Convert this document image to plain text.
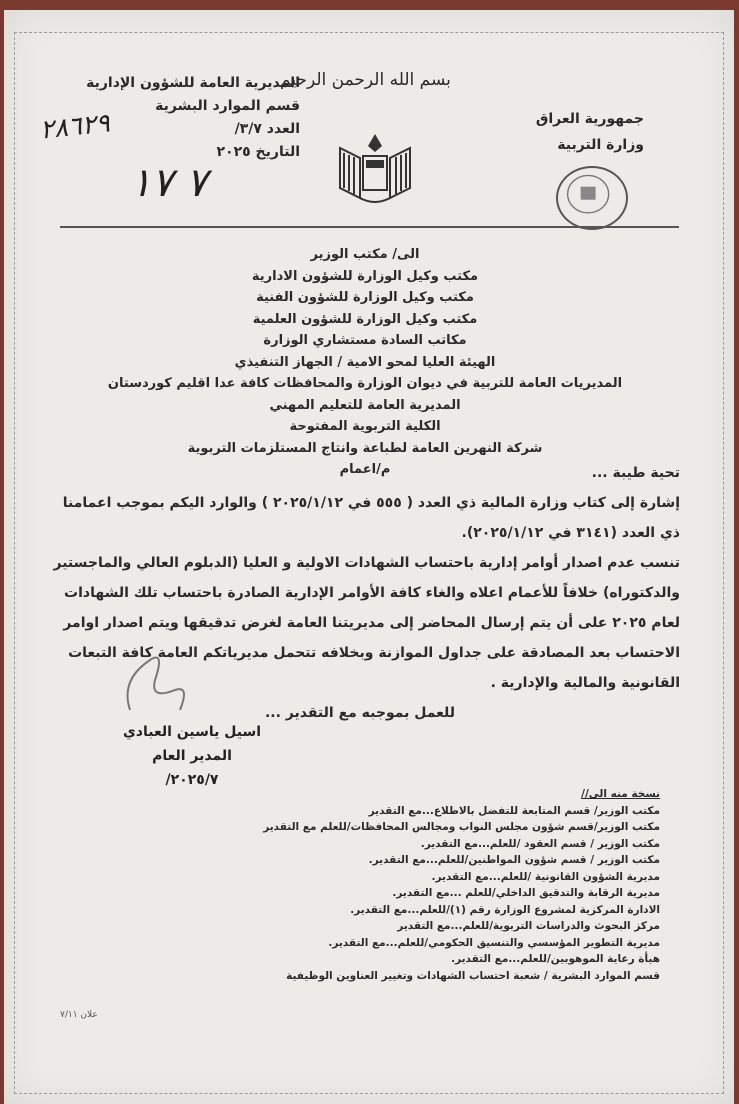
المديرية العامة للشؤون الإدارية
قسم الموارد البشرية
العدد ٣/٧/
التاريخ ٢٠٢٥
٢٨٦٢٩
٧ ١٧
بسم الله الرحمن الرحيم
جمهورية العراق
وزارة التربية
الى/ مكتب الوزير
مكتب وكيل الوزارة للشؤون الادارية
مكتب وكيل الوزارة للشؤون الفنية
مكتب وكيل الوزارة للشؤون العلمية
مكاتب السادة مستشاري الوزارة
الهيئة العليا لمحو الامية / الجهاز التنفيذي
المديريات العامة للتربية في ديوان الوزارة والمحافظات كافة عدا اقليم كوردستان
المديرية العامة للتعليم المهني
الكلية التربوية المفتوحة
شركة النهرين العامة لطباعة وانتاج المستلزمات التربوية
م/اعمام	تحية طيبة ...
إشارة إلى كتاب وزارة المالية ذي العدد ( ٥٥٥ في ٢٠٢٥/١/١٢ ) والوارد اليكم بموجب اعمامنا ذي العدد (٣١٤١ في ٢٠٢٥/١/١٢).
تنسب عدم اصدار أوامر إدارية باحتساب الشهادات الاولية و العليا (الدبلوم العالي والماجستير والدكتوراه) خلافاً للأعمام اعلاه والغاء كافة الأوامر الإدارية الصادرة باحتساب تلك الشهادات لعام ٢٠٢٥ على أن يتم إرسال المحاضر إلى مديريتنا العامة لغرض تدقيقها ويتم اصدار اوامر الاحتساب بعد المصادقة على جداول الموازنة وبخلافه تتحمل مديرياتكم العامة كافة التبعات القانونية والمالية والإدارية .
للعمل بموجبه مع التقدير ...
اسيل ياسين العبادي
المدير العام
٢٠٢٥/٧/
نسخة منه الى//
مكتب الوزير/ قسم المتابعة للتفضل بالاطلاع...مع التقدير
مكتب الوزير/قسم شؤون مجلس النواب ومجالس المحافظات/للعلم مع التقدير
مكتب الوزير / قسم العقود /للعلم...مع التقدير.
مكتب الوزير / قسم شؤون المواطنين/للعلم...مع التقدير.
مديرية الشؤون القانونية /للعلم...مع التقدير.
مديرية الرقابة والتدقيق الداخلي/للعلم ...مع التقدير.
الادارة المركزية لمشروع الوزارة رقم (١)/للعلم...مع التقدير.
مركز البحوث والدراسات التربوية/للعلم...مع التقدير
مديرية التطوير المؤسسي والتنسيق الحكومي/للعلم...مع التقدير.
هيأة رعاية الموهوبين/للعلم...مع التقدير.
قسم الموارد البشرية / شعبة احتساب الشهادات وتغيير العناوين الوظيفية
علان ٧/١١
